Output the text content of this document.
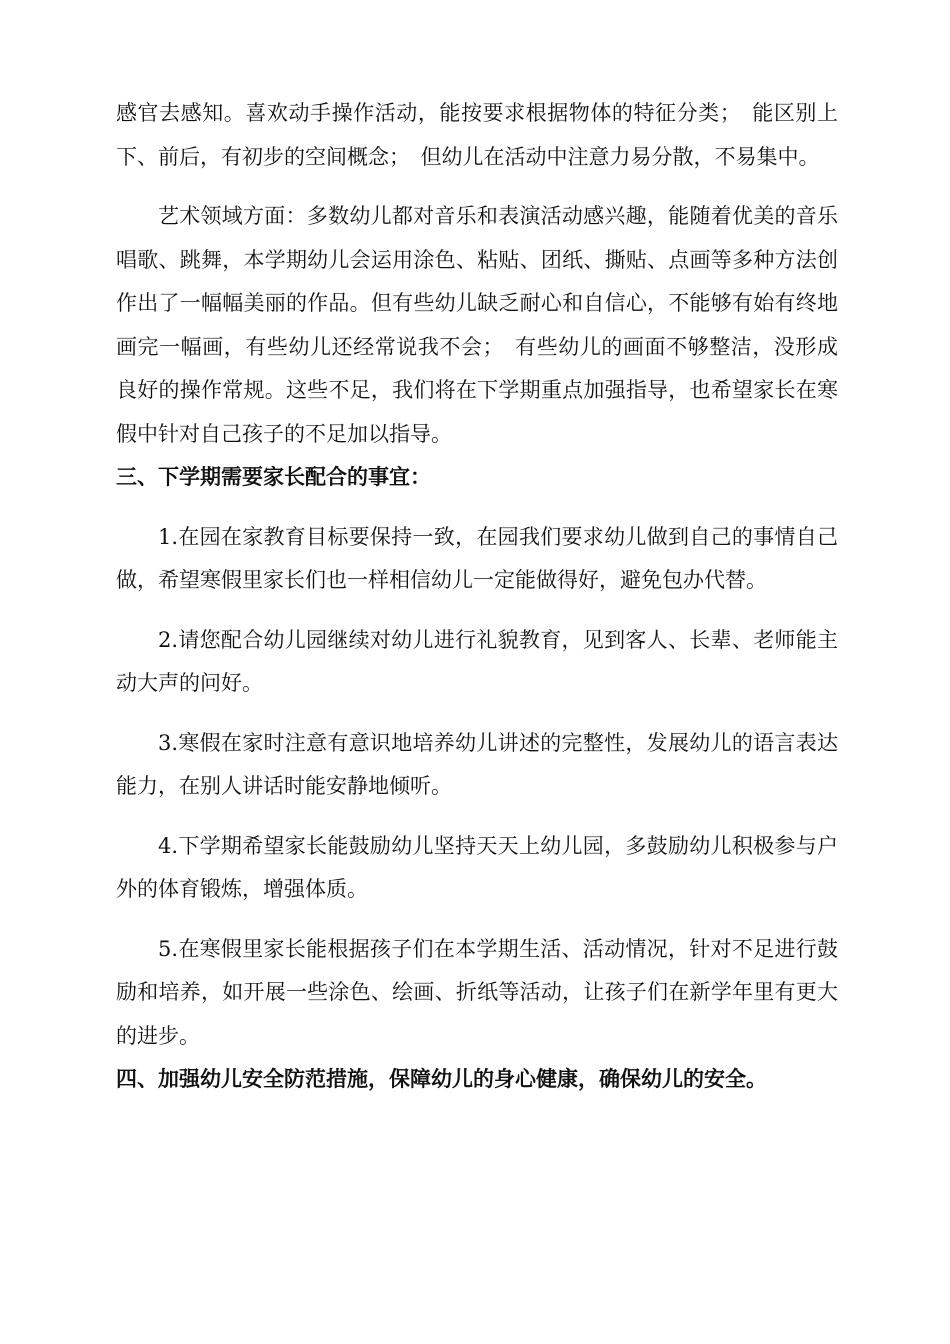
感官去感知。喜欢动手操作活动，能按要求根据物体的特征分类；　能区别上下、前后，有初步的空间概念；　但幼儿在活动中注意力易分散，不易集中。

艺术领域方面：多数幼儿都对音乐和表演活动感兴趣，能随着优美的音乐唱歌、跳舞，本学期幼儿会运用涂色、粘贴、团纸、撕贴、点画等多种方法创作出了一幅幅美丽的作品。但有些幼儿缺乏耐心和自信心，不能够有始有终地画完一幅画，有些幼儿还经常说我不会；　有些幼儿的画面不够整洁，没形成良好的操作常规。这些不足，我们将在下学期重点加强指导，也希望家长在寒假中针对自己孩子的不足加以指导。

三、下学期需要家长配合的事宜：

1.在园在家教育目标要保持一致，在园我们要求幼儿做到自己的事情自己做，希望寒假里家长们也一样相信幼儿一定能做得好，避免包办代替。

2.请您配合幼儿园继续对幼儿进行礼貌教育，见到客人、长辈、老师能主动大声的问好。

3.寒假在家时注意有意识地培养幼儿讲述的完整性，发展幼儿的语言表达能力，在别人讲话时能安静地倾听。

4.下学期希望家长能鼓励幼儿坚持天天上幼儿园，多鼓励幼儿积极参与户外的体育锻炼，增强体质。

5.在寒假里家长能根据孩子们在本学期生活、活动情况，针对不足进行鼓励和培养，如开展一些涂色、绘画、折纸等活动，让孩子们在新学年里有更大的进步。

四、加强幼儿安全防范措施，保障幼儿的身心健康，确保幼儿的安全。
